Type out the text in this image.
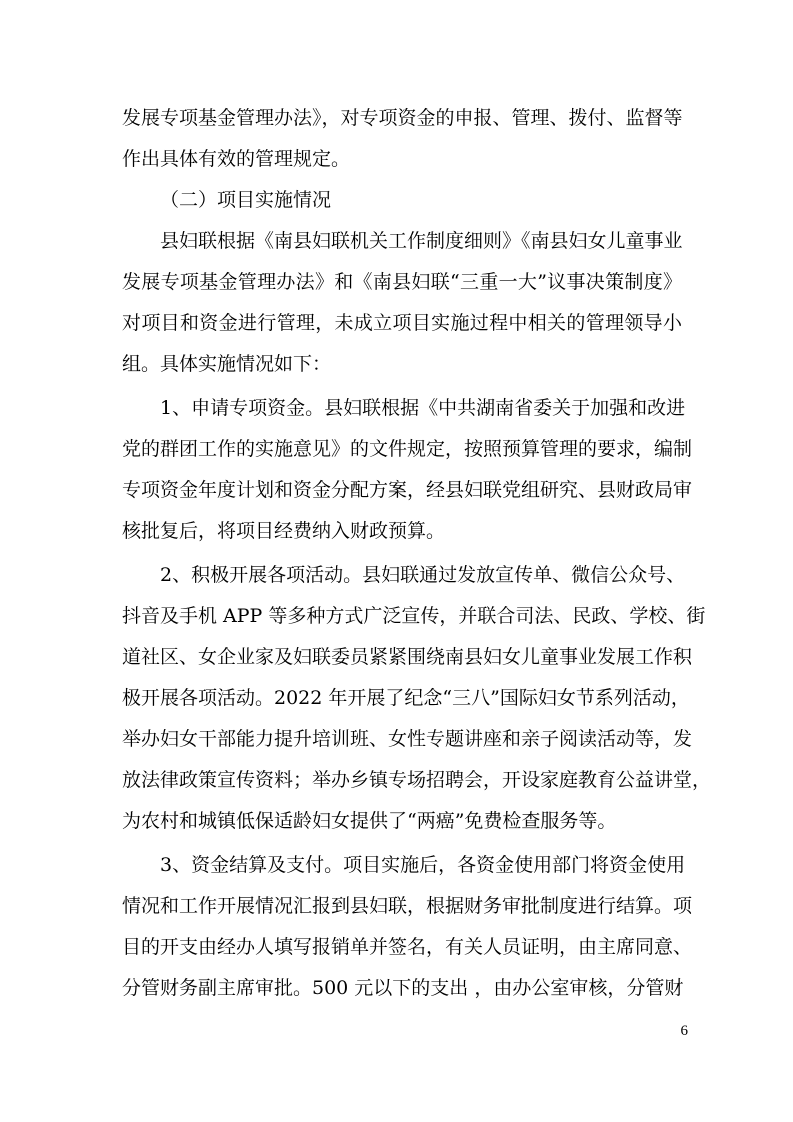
发展专项基金管理办法》，对专项资金的申报、管理、拨付、监督等
作出具体有效的管理规定。
（二）项目实施情况
县妇联根据《南县妇联机关工作制度细则》《南县妇女儿童事业
发展专项基金管理办法》和《南县妇联“三重一大”议事决策制度》
对项目和资金进行管理，未成立项目实施过程中相关的管理领导小
组。具体实施情况如下：
1、申请专项资金。县妇联根据《中共湖南省委关于加强和改进
党的群团工作的实施意见》的文件规定，按照预算管理的要求，编制
专项资金年度计划和资金分配方案，经县妇联党组研究、县财政局审
核批复后，将项目经费纳入财政预算。
2、积极开展各项活动。县妇联通过发放宣传单、微信公众号、
抖音及手机 APP 等多种方式广泛宣传，并联合司法、民政、学校、街
道社区、女企业家及妇联委员紧紧围绕南县妇女儿童事业发展工作积
极开展各项活动。2022 年开展了纪念“三八”国际妇女节系列活动，
举办妇女干部能力提升培训班、女性专题讲座和亲子阅读活动等，发
放法律政策宣传资料；举办乡镇专场招聘会，开设家庭教育公益讲堂，
为农村和城镇低保适龄妇女提供了“两癌”免费检查服务等。
3、资金结算及支付。项目实施后，各资金使用部门将资金使用
情况和工作开展情况汇报到县妇联，根据财务审批制度进行结算。项
目的开支由经办人填写报销单并签名，有关人员证明，由主席同意、
分管财务副主席审批。500 元以下的支出 ，由办公室审核，分管财
6
